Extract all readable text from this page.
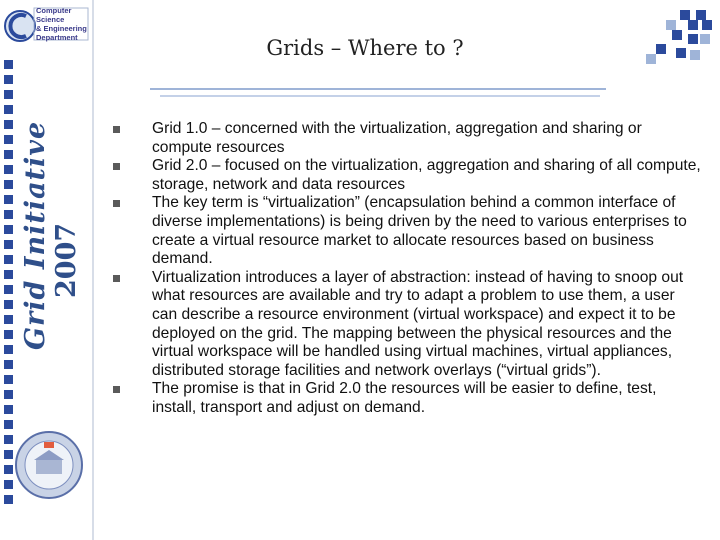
Computer Science
& Engineering
Department
Grid Initiative 2007
Grids – Where to ?
Grid 1.0 – concerned with the virtualization, aggregation and sharing or compute resources
Grid 2.0 – focused on the virtualization, aggregation and sharing of all compute, storage, network and data resources
The key term is “virtualization” (encapsulation behind a common interface of diverse implementations) is being driven by the need to various enterprises to create a virtual resource market to allocate resources based on business demand.
Virtualization introduces a layer of abstraction: instead of having to snoop out what resources are available and try to adapt a problem to use them, a user can describe a resource environment (virtual workspace) and expect it to be deployed on the grid. The mapping between the physical resources and the virtual workspace will be handled using virtual machines, virtual appliances, distributed storage facilities and network overlays (“virtual grids”).
The promise is that in Grid 2.0 the resources will be easier to define, test, install, transport and adjust on demand.
